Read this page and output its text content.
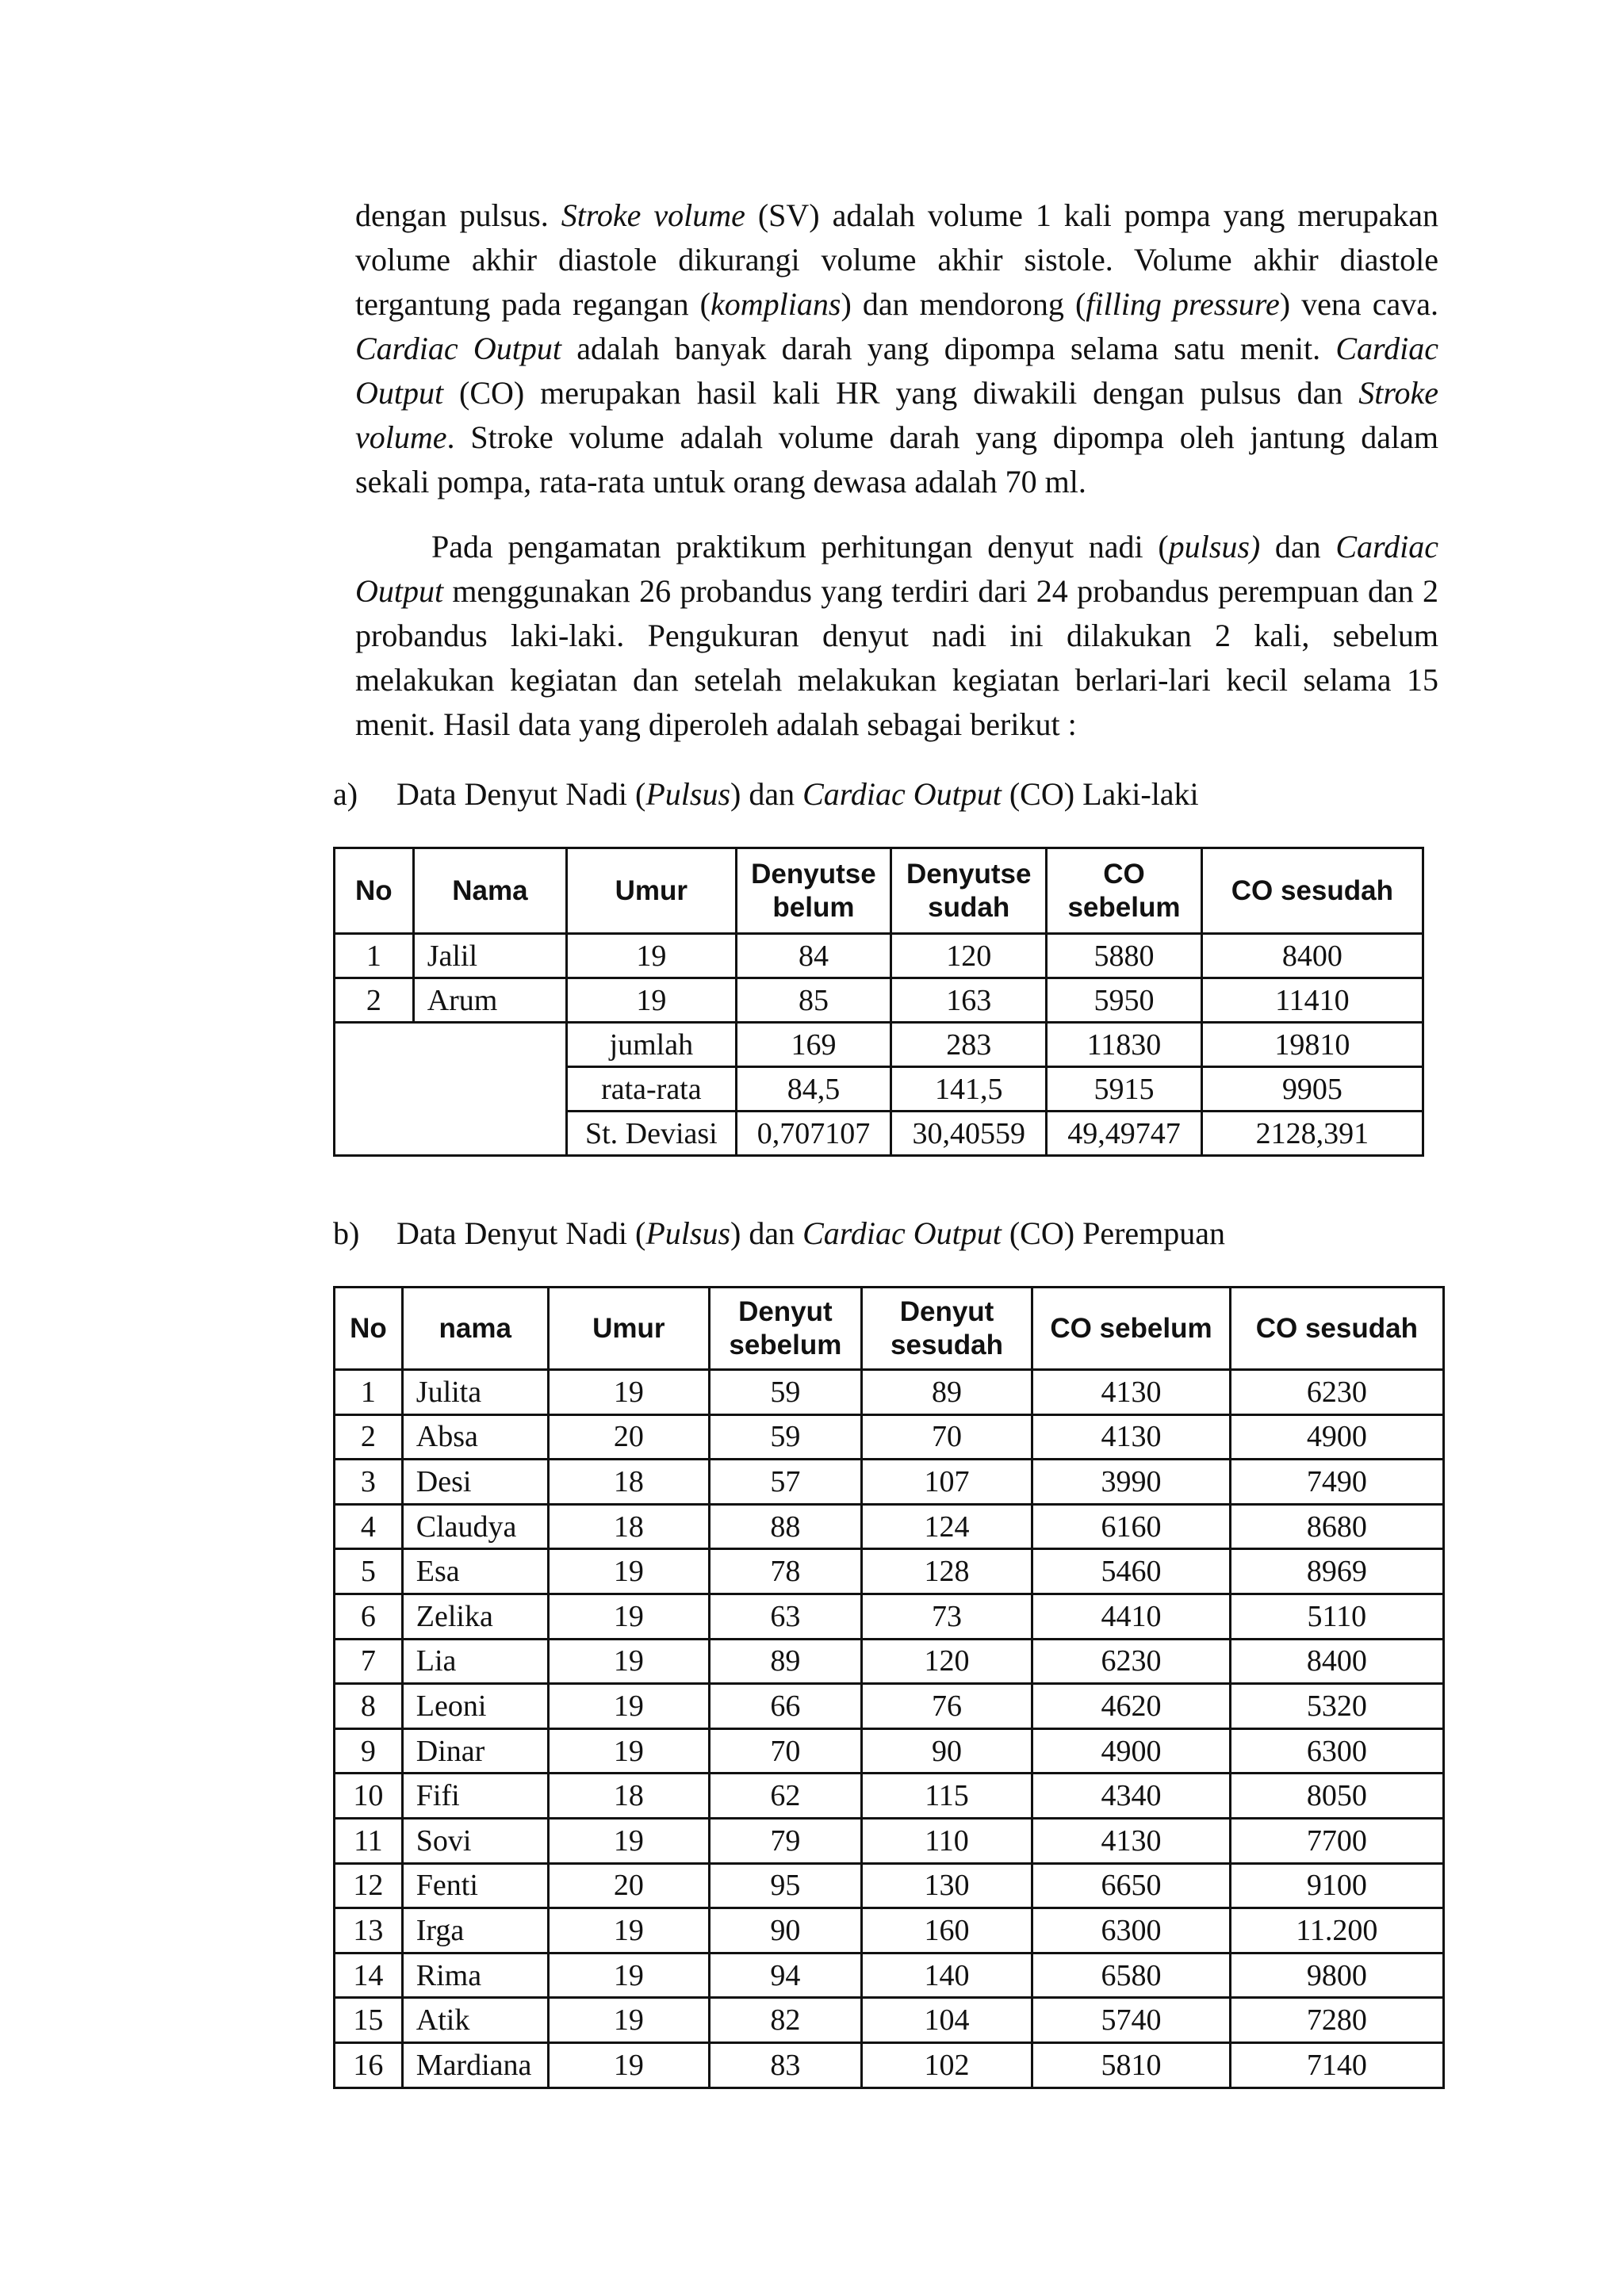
dengan pulsus. Stroke volume (SV) adalah volume 1 kali pompa yang merupakan volume akhir diastole dikurangi volume akhir sistole. Volume akhir diastole tergantung pada regangan (komplians) dan mendorong (filling pressure) vena cava. Cardiac Output adalah banyak darah yang dipompa selama satu menit. Cardiac Output (CO) merupakan hasil kali HR yang diwakili dengan pulsus dan Stroke volume. Stroke volume adalah volume darah yang dipompa oleh jantung dalam sekali pompa, rata-rata untuk orang dewasa adalah 70 ml.

Pada pengamatan praktikum perhitungan denyut nadi (pulsus) dan Cardiac Output menggunakan 26 probandus yang terdiri dari 24 probandus perempuan dan 2 probandus laki-laki. Pengukuran denyut nadi ini dilakukan 2 kali, sebelum melakukan kegiatan dan setelah melakukan kegiatan berlari-lari kecil selama 15 menit. Hasil data yang diperoleh adalah sebagai berikut :

a) Data Denyut Nadi (Pulsus) dan Cardiac Output (CO) Laki-laki

No	Nama	Umur	Denyutse belum	Denyutse sudah	CO sebelum	CO sesudah
1	Jalil	19	84	120	5880	8400
2	Arum	19	85	163	5950	11410
		jumlah	169	283	11830	19810
		rata-rata	84,5	141,5	5915	9905
		St. Deviasi	0,707107	30,40559	49,49747	2128,391

b) Data Denyut Nadi (Pulsus) dan Cardiac Output (CO) Perempuan

No	nama	Umur	Denyut sebelum	Denyut sesudah	CO sebelum	CO sesudah
1	Julita	19	59	89	4130	6230
2	Absa	20	59	70	4130	4900
3	Desi	18	57	107	3990	7490
4	Claudya	18	88	124	6160	8680
5	Esa	19	78	128	5460	8969
6	Zelika	19	63	73	4410	5110
7	Lia	19	89	120	6230	8400
8	Leoni	19	66	76	4620	5320
9	Dinar	19	70	90	4900	6300
10	Fifi	18	62	115	4340	8050
11	Sovi	19	79	110	4130	7700
12	Fenti	20	95	130	6650	9100
13	Irga	19	90	160	6300	11.200
14	Rima	19	94	140	6580	9800
15	Atik	19	82	104	5740	7280
16	Mardiana	19	83	102	5810	7140
